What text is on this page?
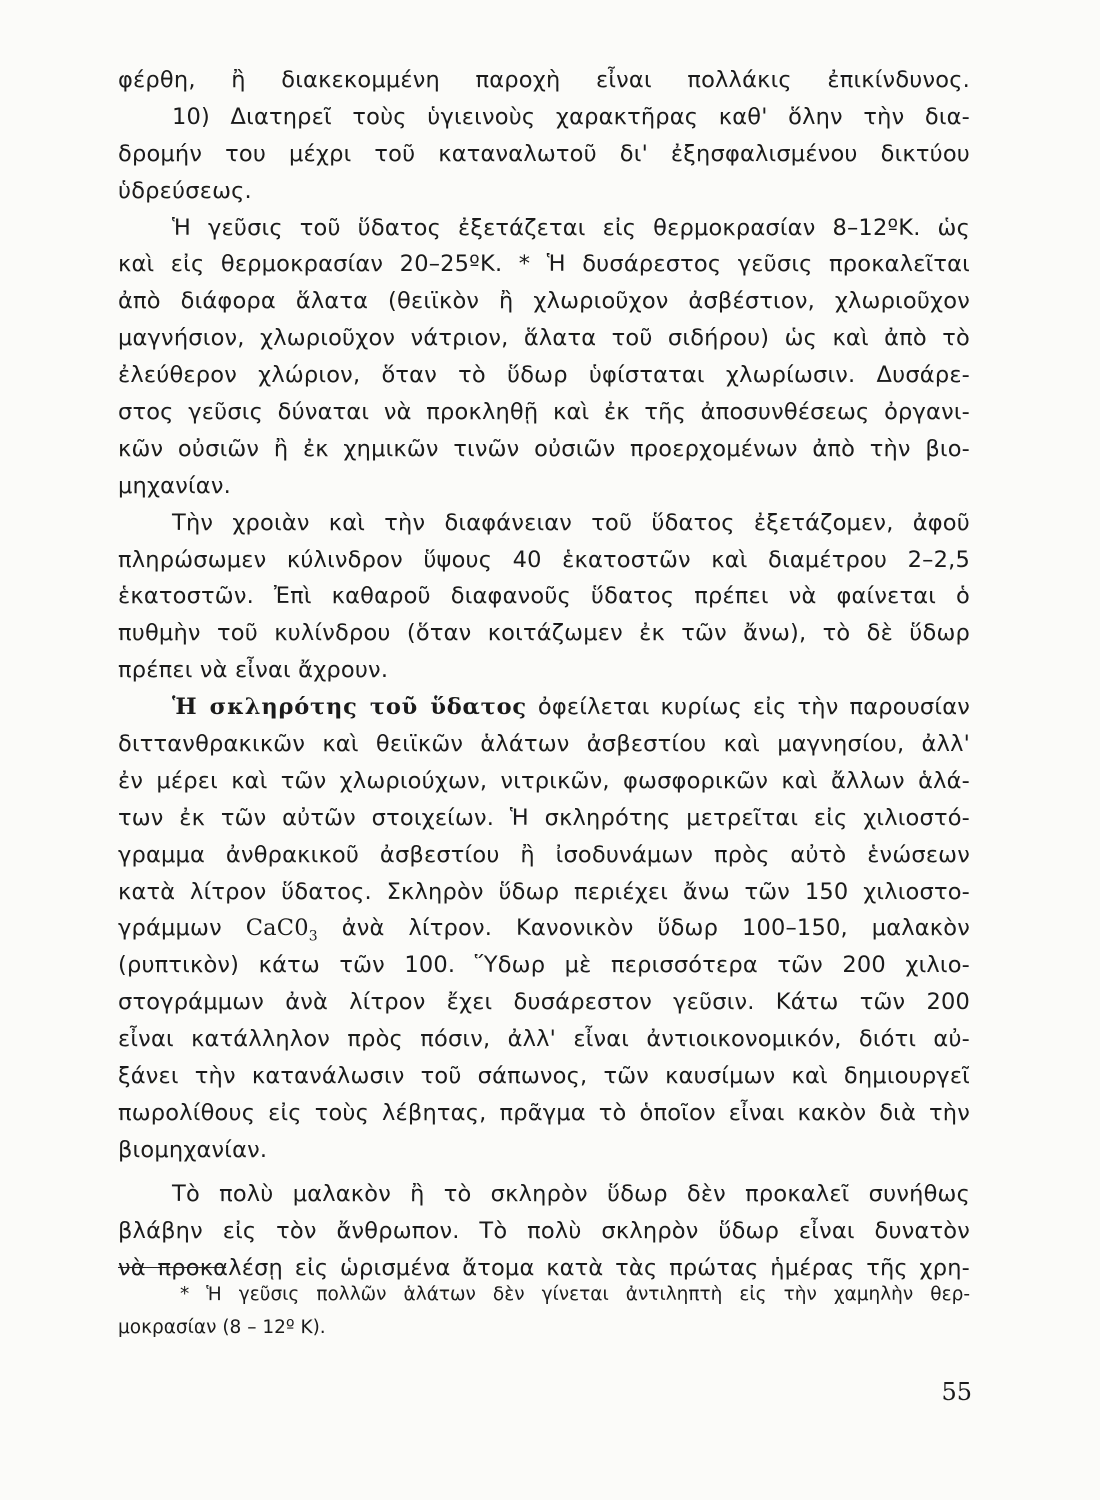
φέρθη, ἢ διακεκομμένη παροχὴ εἶναι πολλάκις ἐπικίνδυνος.
10) Διατηρεῖ τοὺς ὑγιεινοὺς χαρακτῆρας καθ' ὅλην τὴν δια-
δρομήν του μέχρι τοῦ καταναλωτοῦ δι' ἐξησφαλισμένου δικτύου
ὑδρεύσεως.
Ἡ γεῦσις τοῦ ὕδατος ἐξετάζεται εἰς θερμοκρασίαν 8–12ºΚ. ὡς
καὶ εἰς θερμοκρασίαν 20–25ºΚ. * Ἡ δυσάρεστος γεῦσις προκαλεῖται
ἀπὸ διάφορα ἅλατα (θειϊκὸν ἢ χλωριοῦχον ἀσβέστιον, χλωριοῦχον
μαγνήσιον, χλωριοῦχον νάτριον, ἅλατα τοῦ σιδήρου) ὡς καὶ ἀπὸ τὸ
ἐλεύθερον χλώριον, ὅταν τὸ ὕδωρ ὑφίσταται χλωρίωσιν. Δυσάρε-
στος γεῦσις δύναται νὰ προκληθῇ καὶ ἐκ τῆς ἀποσυνθέσεως ὀργανι-
κῶν οὐσιῶν ἢ ἐκ χημικῶν τινῶν οὐσιῶν προερχομένων ἀπὸ τὴν βιο-
μηχανίαν.
Τὴν χροιὰν καὶ τὴν διαφάνειαν τοῦ ὕδατος ἐξετάζομεν, ἀφοῦ
πληρώσωμεν κύλινδρον ὕψους 40 ἑκατοστῶν καὶ διαμέτρου 2–2,5
ἑκατοστῶν. Ἐπὶ καθαροῦ διαφανοῦς ὕδατος πρέπει νὰ φαίνεται ὁ
πυθμὴν τοῦ κυλίνδρου (ὅταν κοιτάζωμεν ἐκ τῶν ἄνω), τὸ δὲ ὕδωρ
πρέπει νὰ εἶναι ἄχρουν.
Ἡ σκληρότης τοῦ ὕδατος ὀφείλεται κυρίως εἰς τὴν παρουσίαν
διττανθρακικῶν καὶ θειϊκῶν ἁλάτων ἀσβεστίου καὶ μαγνησίου, ἀλλ'
ἐν μέρει καὶ τῶν χλωριούχων, νιτρικῶν, φωσφορικῶν καὶ ἄλλων ἁλά-
των ἐκ τῶν αὐτῶν στοιχείων. Ἡ σκληρότης μετρεῖται εἰς χιλιοστό-
γραμμα ἀνθρακικοῦ ἀσβεστίου ἢ ἰσοδυνάμων πρὸς αὐτὸ ἑνώσεων
κατὰ λίτρον ὕδατος. Σκληρὸν ὕδωρ περιέχει ἄνω τῶν 150 χιλιοστο-
γράμμων $CaC0_3$ ἀνὰ λίτρον. Κανονικὸν ὕδωρ 100–150, μαλακὸν
(ρυπτικὸν) κάτω τῶν 100. Ὕδωρ μὲ περισσότερα τῶν 200 χιλιο-
στογράμμων ἀνὰ λίτρον ἔχει δυσάρεστον γεῦσιν. Κάτω τῶν 200
εἶναι κατάλληλον πρὸς πόσιν, ἀλλ' εἶναι ἀντιοικονομικόν, διότι αὐ-
ξάνει τὴν κατανάλωσιν τοῦ σάπωνος, τῶν καυσίμων καὶ δημιουργεῖ
πωρολίθους εἰς τοὺς λέβητας, πρᾶγμα τὸ ὁποῖον εἶναι κακὸν διὰ τὴν
βιομηχανίαν.
Τὸ πολὺ μαλακὸν ἢ τὸ σκληρὸν ὕδωρ δὲν προκαλεῖ συνήθως
βλάβην εἰς τὸν ἄνθρωπον. Τὸ πολὺ σκληρὸν ὕδωρ εἶναι δυνατὸν
νὰ προκαλέσῃ εἰς ὡρισμένα ἄτομα κατὰ τὰς πρώτας ἡμέρας τῆς χρη-
* Ἡ γεῦσις πολλῶν ἁλάτων δὲν γίνεται ἀντιληπτὴ εἰς τὴν χαμηλὴν θερ-
μοκρασίαν (8 – 12º Κ).
55
